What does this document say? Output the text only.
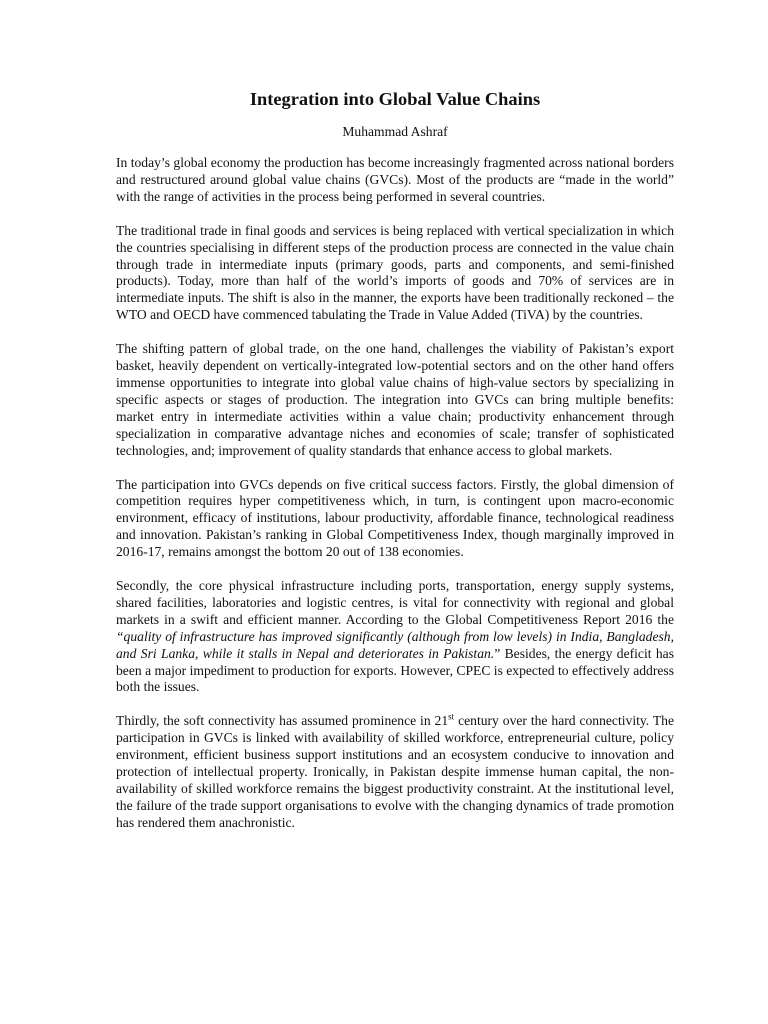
Integration into Global Value Chains
Muhammad Ashraf

In today’s global economy the production has become increasingly fragmented across national borders and restructured around global value chains (GVCs). Most of the products are “made in the world” with the range of activities in the process being performed in several countries.

The traditional trade in final goods and services is being replaced with vertical specialization in which the countries specialising in different steps of the production process are connected in the value chain through trade in intermediate inputs (primary goods, parts and components, and semi-finished products). Today, more than half of the world’s imports of goods and 70% of services are in intermediate inputs. The shift is also in the manner, the exports have been traditionally reckoned – the WTO and OECD have commenced tabulating the Trade in Value Added (TiVA) by the countries.

The shifting pattern of global trade, on the one hand, challenges the viability of Pakistan’s export basket, heavily dependent on vertically-integrated low-potential sectors and on the other hand offers immense opportunities to integrate into global value chains of high-value sectors by specializing in specific aspects or stages of production. The integration into GVCs can bring multiple benefits: market entry in intermediate activities within a value chain; productivity enhancement through specialization in comparative advantage niches and economies of scale; transfer of sophisticated technologies, and; improvement of quality standards that enhance access to global markets.

The participation into GVCs depends on five critical success factors. Firstly, the global dimension of competition requires hyper competitiveness which, in turn, is contingent upon macro-economic environment, efficacy of institutions, labour productivity, affordable finance, technological readiness and innovation. Pakistan’s ranking in Global Competitiveness Index, though marginally improved in 2016-17, remains amongst the bottom 20 out of 138 economies.

Secondly, the core physical infrastructure including ports, transportation, energy supply systems, shared facilities, laboratories and logistic centres, is vital for connectivity with regional and global markets in a swift and efficient manner. According to the Global Competitiveness Report 2016 the “quality of infrastructure has improved significantly (although from low levels) in India, Bangladesh, and Sri Lanka, while it stalls in Nepal and deteriorates in Pakistan.” Besides, the energy deficit has been a major impediment to production for exports. However, CPEC is expected to effectively address both the issues.

Thirdly, the soft connectivity has assumed prominence in 21st century over the hard connectivity. The participation in GVCs is linked with availability of skilled workforce, entrepreneurial culture, policy environment, efficient business support institutions and an ecosystem conducive to innovation and protection of intellectual property. Ironically, in Pakistan despite immense human capital, the non-availability of skilled workforce remains the biggest productivity constraint. At the institutional level, the failure of the trade support organisations to evolve with the changing dynamics of trade promotion has rendered them anachronistic.
